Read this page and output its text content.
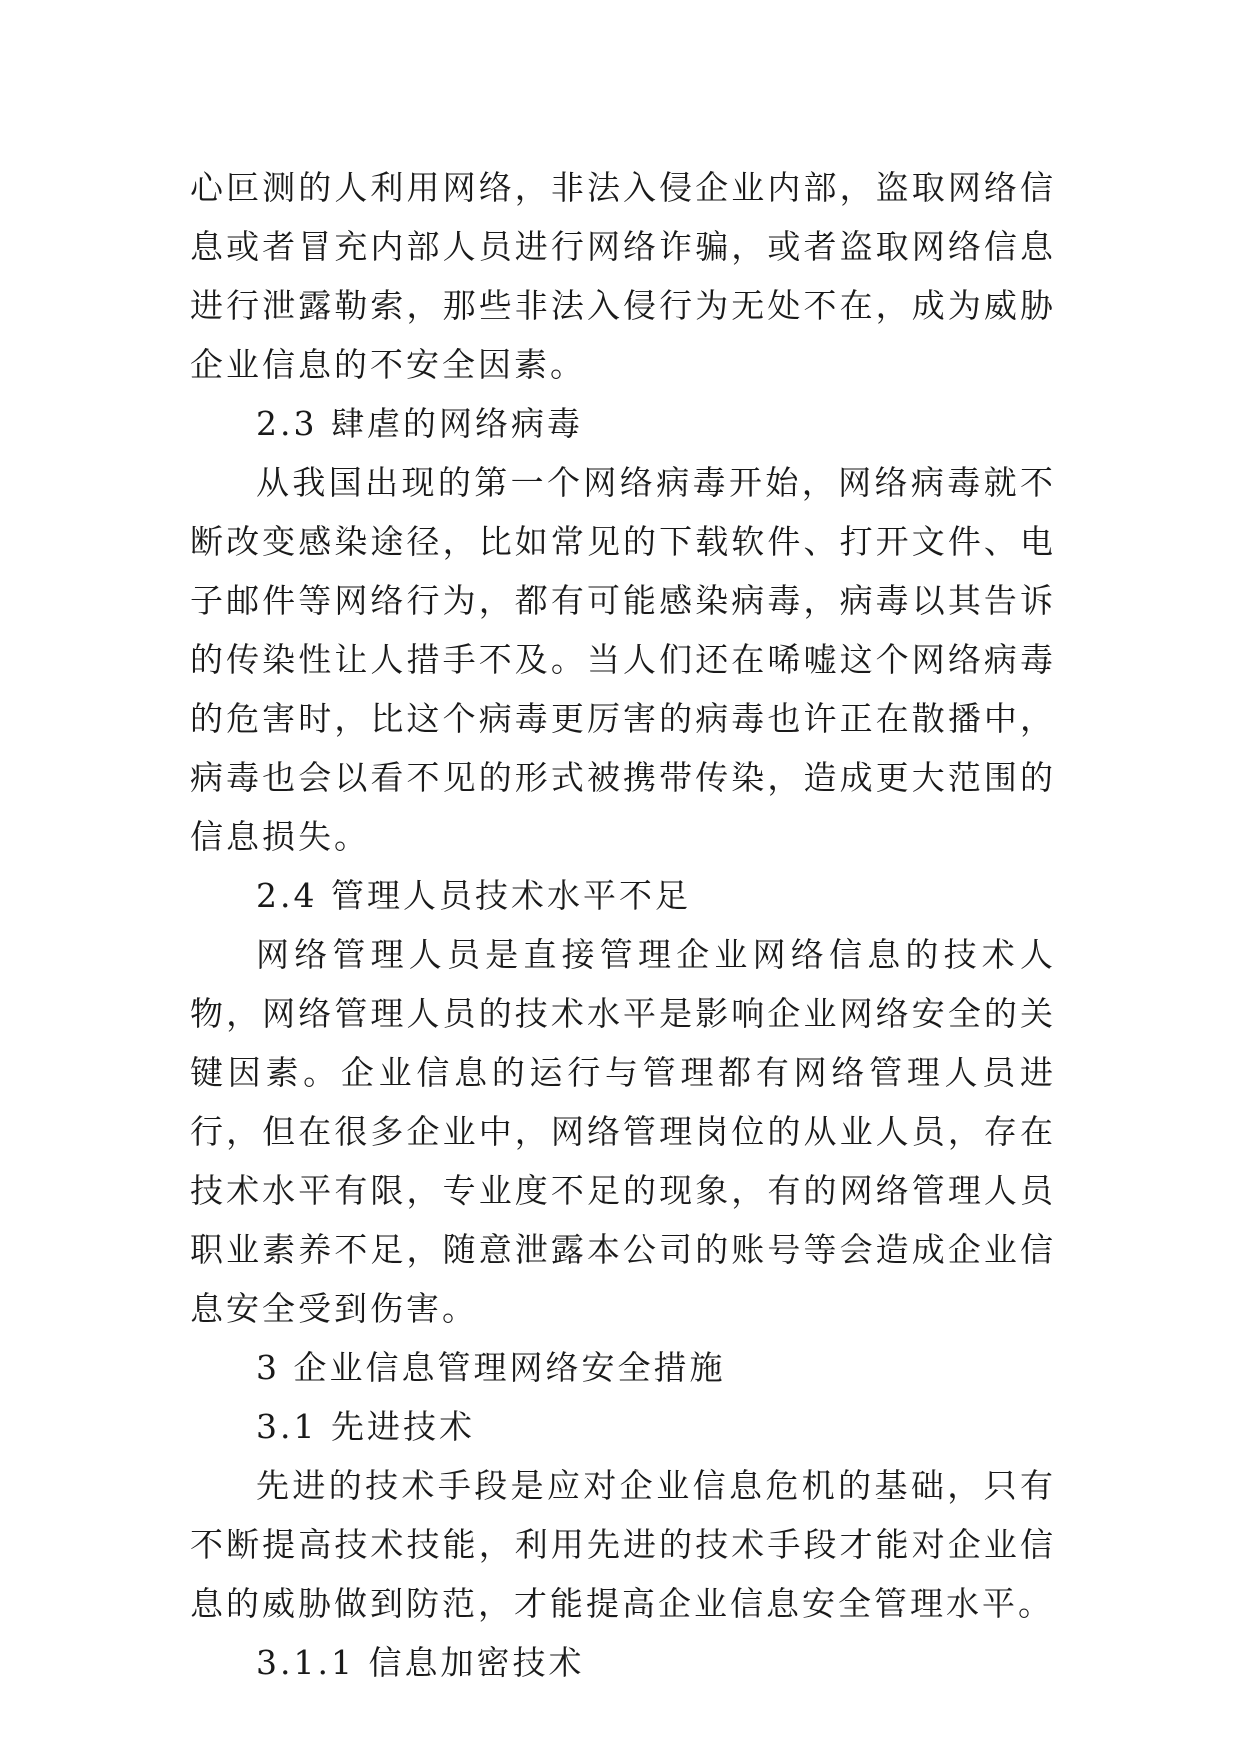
心叵测的人利用网络，非法入侵企业内部，盗取网络信息或者冒充内部人员进行网络诈骗，或者盗取网络信息进行泄露勒索，那些非法入侵行为无处不在，成为威胁企业信息的不安全因素。

2.3 肆虐的网络病毒

从我国出现的第一个网络病毒开始，网络病毒就不断改变感染途径，比如常见的下载软件、打开文件、电子邮件等网络行为，都有可能感染病毒，病毒以其告诉的传染性让人措手不及。当人们还在唏嘘这个网络病毒的危害时，比这个病毒更厉害的病毒也许正在散播中，病毒也会以看不见的形式被携带传染，造成更大范围的信息损失。

2.4 管理人员技术水平不足

网络管理人员是直接管理企业网络信息的技术人物，网络管理人员的技术水平是影响企业网络安全的关键因素。企业信息的运行与管理都有网络管理人员进行，但在很多企业中，网络管理岗位的从业人员，存在技术水平有限，专业度不足的现象，有的网络管理人员职业素养不足，随意泄露本公司的账号等会造成企业信息安全受到伤害。

3 企业信息管理网络安全措施

3.1 先进技术

先进的技术手段是应对企业信息危机的基础，只有不断提高技术技能，利用先进的技术手段才能对企业信息的威胁做到防范，才能提高企业信息安全管理水平。

3.1.1 信息加密技术
